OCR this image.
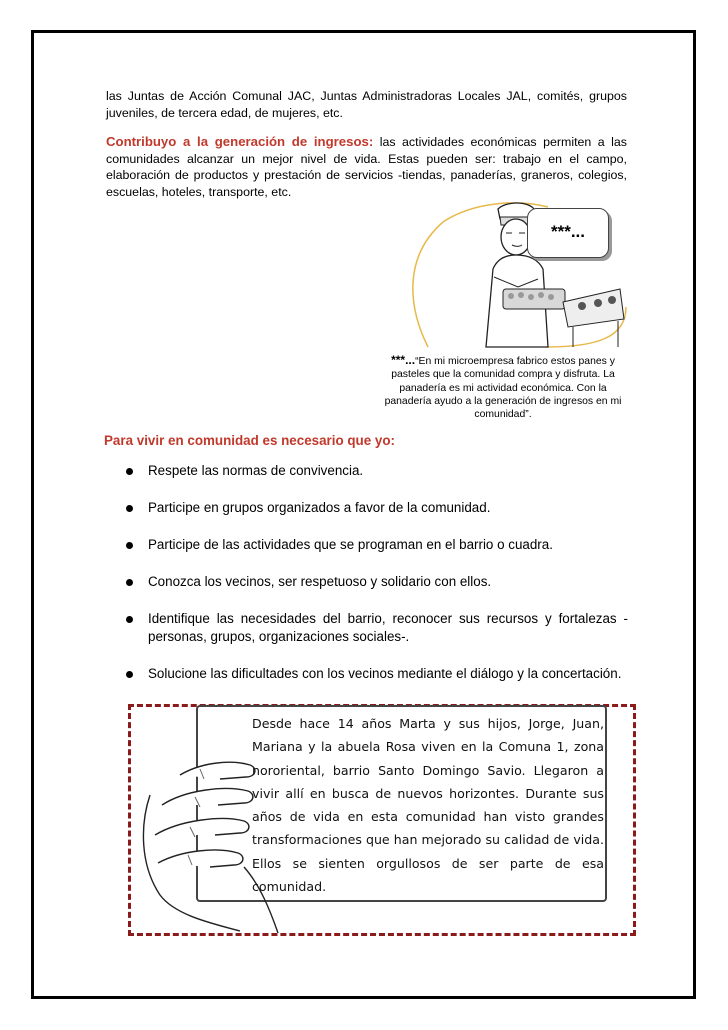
las Juntas de Acción Comunal JAC, Juntas Administradoras Locales JAL, comités, grupos juveniles, de tercera edad, de mujeres, etc.

Contribuyo a la generación de ingresos: las actividades económicas permiten a las comunidades alcanzar un mejor nivel de vida. Estas pueden ser: trabajo en el campo, elaboración de productos y prestación de servicios -tiendas, panaderías, graneros, colegios, escuelas, hoteles, transporte, etc.

***...

***...“En mi microempresa fabrico estos panes y pasteles que la comunidad compra y disfruta. La panadería es mi actividad económica. Con la panadería ayudo a la generación de ingresos en mi comunidad”.

Para vivir en comunidad es necesario que yo:

Respete las normas de convivencia.
Participe en grupos organizados a favor de la comunidad.
Participe de las actividades que se programan en el barrio o cuadra.
Conozca los vecinos, ser respetuoso y solidario con ellos.
Identifique las necesidades del barrio, reconocer sus recursos y fortalezas -personas, grupos, organizaciones sociales-.
Solucione las dificultades con los vecinos mediante el diálogo y la concertación.

Desde hace 14 años Marta y sus hijos, Jorge, Juan, Mariana y la abuela Rosa viven en la Comuna 1, zona nororiental, barrio Santo Domingo Savio. Llegaron a vivir allí en busca de nuevos horizontes. Durante sus años de vida en esta comunidad han visto grandes transformaciones que han mejorado su calidad de vida. Ellos se sienten orgullosos de ser parte de esa comunidad.
